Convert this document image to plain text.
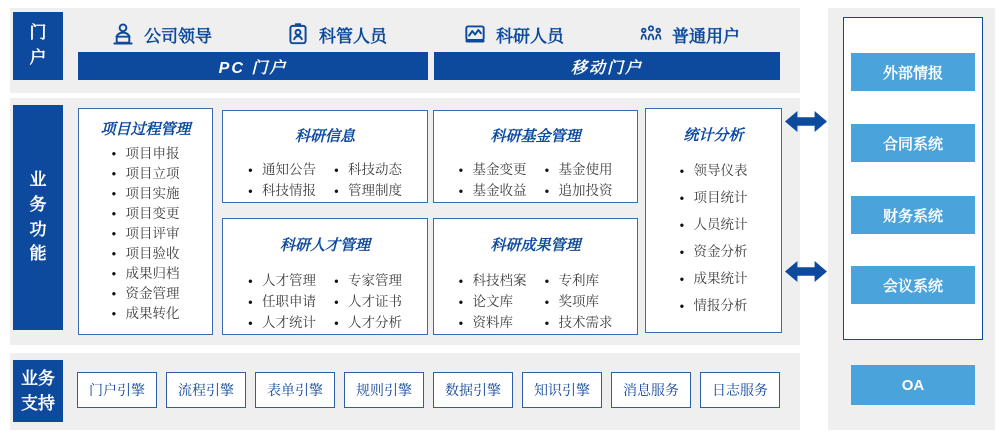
门户
公司领导	科管人员	科研人员	普通用户
PC 门户	移动门户
业务功能
项目过程管理
● 项目申报
● 项目立项
● 项目实施
● 项目变更
● 项目评审
● 项目验收
● 成果归档
● 资金管理
● 成果转化
科研信息
● 通知公告
● 科技情报
● 科技动态
● 管理制度
科研人才管理
● 人才管理
● 任职申请
● 人才统计
● 专家管理
● 人才证书
● 人才分析
科研基金管理
● 基金变更
● 基金收益
● 基金使用
● 追加投资
科研成果管理
● 科技档案
● 论文库
● 资料库
● 专利库
● 奖项库
● 技术需求
统计分析
● 领导仪表
● 项目统计
● 人员统计
● 资金分析
● 成果统计
● 情报分析
业务支持
门户引擎	流程引擎	表单引擎	规则引擎	数据引擎	知识引擎	消息服务	日志服务
外部情报
合同系统
财务系统
会议系统
OA
